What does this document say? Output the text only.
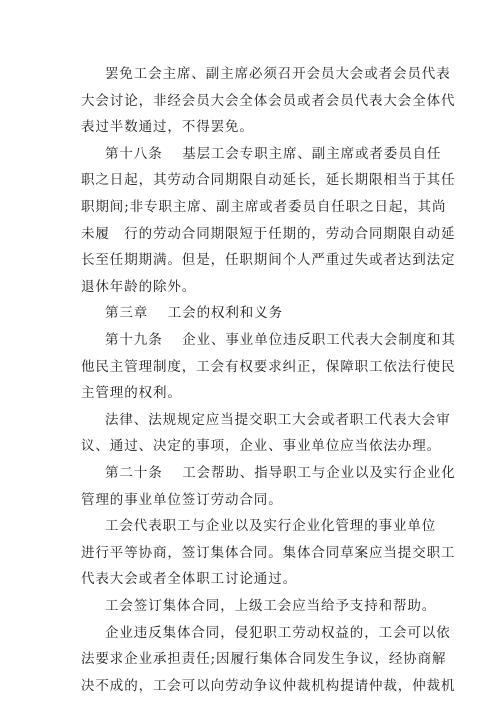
罢免工会主席、副主席必须召开会员大会或者会员代表
大会讨论，非经会员大会全体会员或者会员代表大会全体代
表过半数通过，不得罢免。
第十八条　 基层工会专职主席、副主席或者委员自任
职之日起，其劳动合同期限自动延长，延长期限相当于其任
职期间;非专职主席、副主席或者委员自任职之日起，其尚
未履　行的劳动合同期限短于任期的，劳动合同期限自动延
长至任期期满。但是，任职期间个人严重过失或者达到法定
退休年龄的除外。
第三章　 工会的权利和义务
第十九条　 企业、事业单位违反职工代表大会制度和其
他民主管理制度，工会有权要求纠正，保障职工依法行使民
主管理的权利。
法律、法规规定应当提交职工大会或者职工代表大会审
议、通过、决定的事项，企业、事业单位应当依法办理。
第二十条　 工会帮助、指导职工与企业以及实行企业化
管理的事业单位签订劳动合同。
工会代表职工与企业以及实行企业化管理的事业单位
进行平等协商，签订集体合同。集体合同草案应当提交职工
代表大会或者全体职工讨论通过。
工会签订集体合同，上级工会应当给予支持和帮助。
企业违反集体合同，侵犯职工劳动权益的，工会可以依
法要求企业承担责任;因履行集体合同发生争议，经协商解
决不成的，工会可以向劳动争议仲裁机构提请仲裁，仲裁机
